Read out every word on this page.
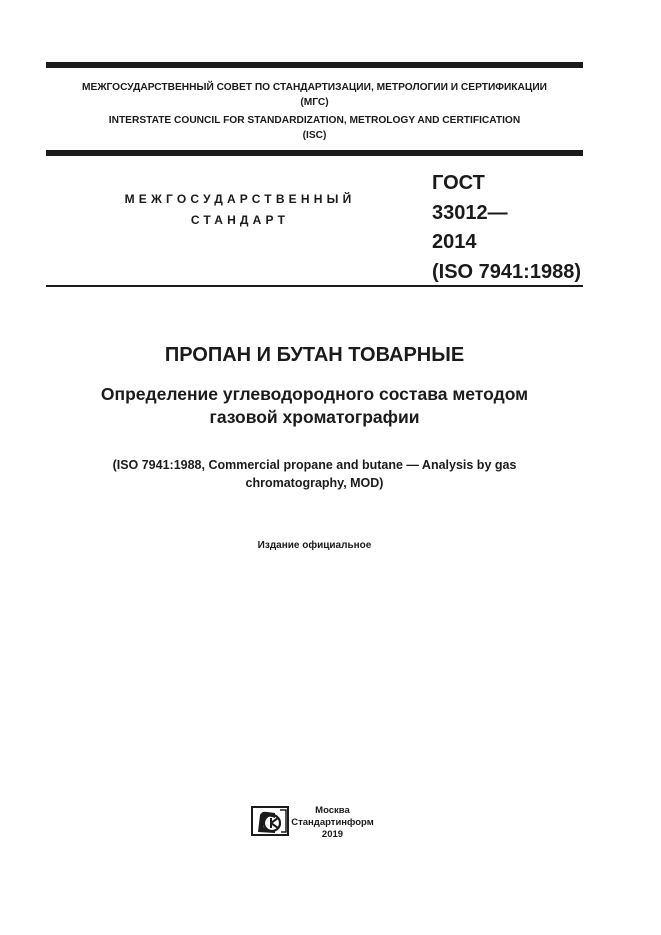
МЕЖГОСУДАРСТВЕННЫЙ СОВЕТ ПО СТАНДАРТИЗАЦИИ, МЕТРОЛОГИИ И СЕРТИФИКАЦИИ
(МГС)
INTERSTATE COUNCIL FOR STANDARDIZATION, METROLOGY AND CERTIFICATION
(ISC)
МЕЖГОСУДАРСТВЕННЫЙ
СТАНДАРТ
ГОСТ
33012—
2014
(ISO 7941:1988)
ПРОПАН И БУТАН ТОВАРНЫЕ
Определение углеводородного состава методом
газовой хроматографии
(ISO 7941:1988, Commercial propane and butane — Analysis by gas
chromatography, MOD)
Издание официальное
Москва
Стандартинформ
2019
